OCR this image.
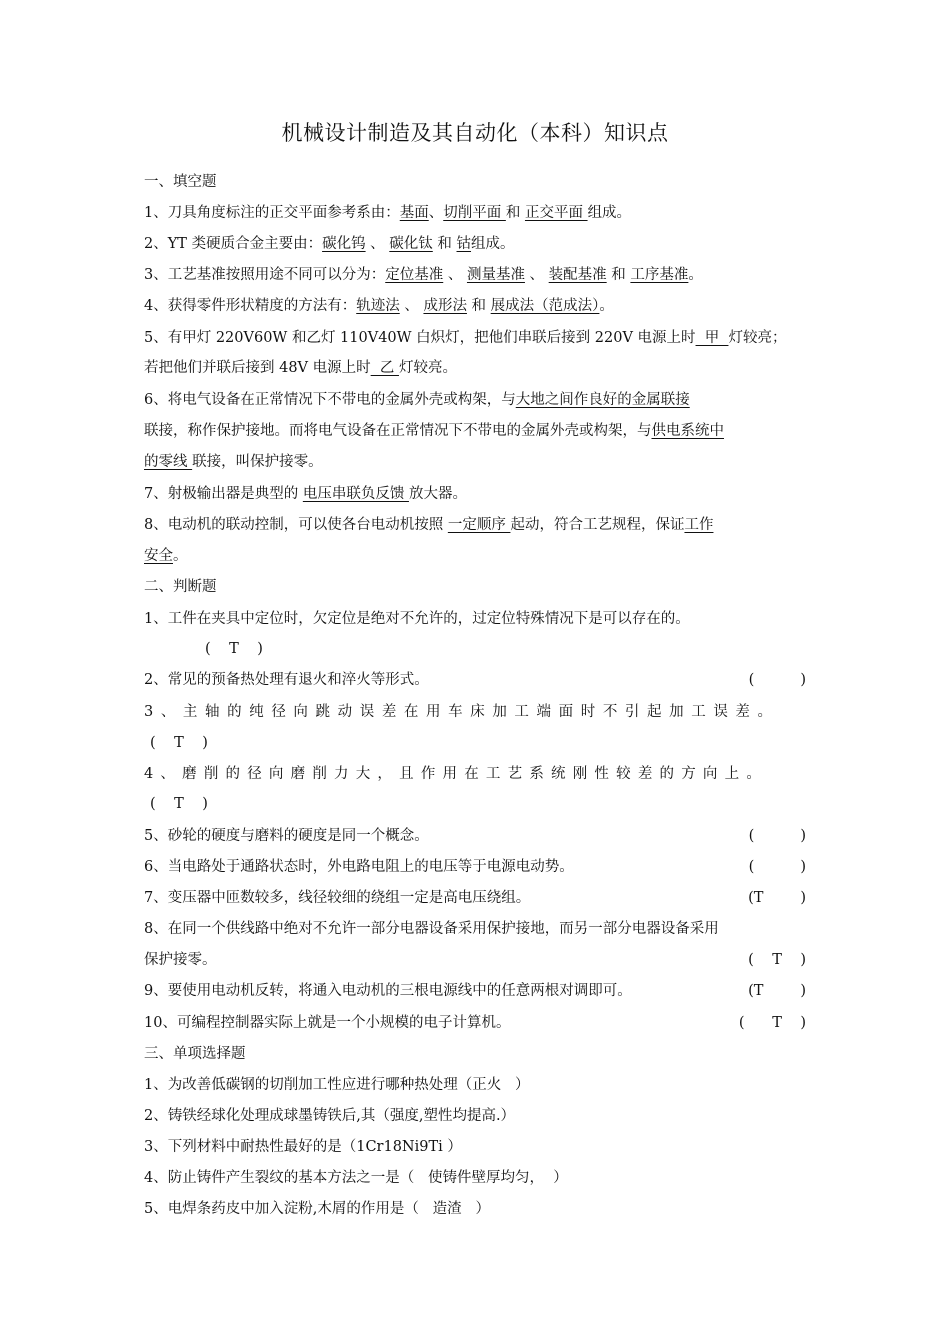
机械设计制造及其自动化（本科）知识点
一、填空题
1、刀具角度标注的正交平面参考系由：基面、切削平面 和 正交平面 组成。
2、YT 类硬质合金主要由：碳化钨 、 碳化钛 和 钴组成。
3、工艺基准按照用途不同可以分为：定位基准 、 测量基准 、 装配基准 和 工序基准。
4、获得零件形状精度的方法有：轨迹法 、 成形法 和 展成法（范成法）。
5、有甲灯 220V60W 和乙灯 110V40W 白炽灯，把他们串联后接到 220V 电源上时  甲  灯较亮；
若把他们并联后接到 48V 电源上时  乙 灯较亮。
6、将电气设备在正常情况下不带电的金属外壳或构架，与大地之间作良好的金属联接
联接，称作保护接地。而将电气设备在正常情况下不带电的金属外壳或构架，与供电系统中
的零线 联接，叫保护接零。
7、射极输出器是典型的 电压串联负反馈 放大器。
8、电动机的联动控制，可以使各台电动机按照 一定顺序 起动，符合工艺规程，保证工作
安全。
二、判断题
1、工件在夹具中定位时，欠定位是绝对不允许的，过定位特殊情况下是可以存在的。
(    T    )
2、常见的预备热处理有退火和淬火等形式。	(          )
3、主轴的纯径向跳动误差在用车床加工端面时不引起加工误差。
(    T    )
4、磨削的径向磨削力大，且作用在工艺系统刚性较差的方向上。
(    T    )
5、砂轮的硬度与磨料的硬度是同一个概念。	(          )
6、当电路处于通路状态时，外电路电阻上的电压等于电源电动势。	(          )
7、变压器中匝数较多，线径较细的绕组一定是高电压绕组。	(T        )
8、在同一个供线路中绝对不允许一部分电器设备采用保护接地，而另一部分电器设备采用
保护接零。	(    T    )
9、要使用电动机反转，将通入电动机的三根电源线中的任意两根对调即可。	(T        )
10、可编程控制器实际上就是一个小规模的电子计算机。	(      T    )
三、单项选择题
1、为改善低碳钢的切削加工性应进行哪种热处理（正火   ）
2、铸铁经球化处理成球墨铸铁后,其（强度,塑性均提高.）
3、下列材料中耐热性最好的是（1Cr18Ni9Ti ）
4、防止铸件产生裂纹的基本方法之一是（   使铸件壁厚均匀，  ）
5、电焊条药皮中加入淀粉,木屑的作用是（   造渣   ）
